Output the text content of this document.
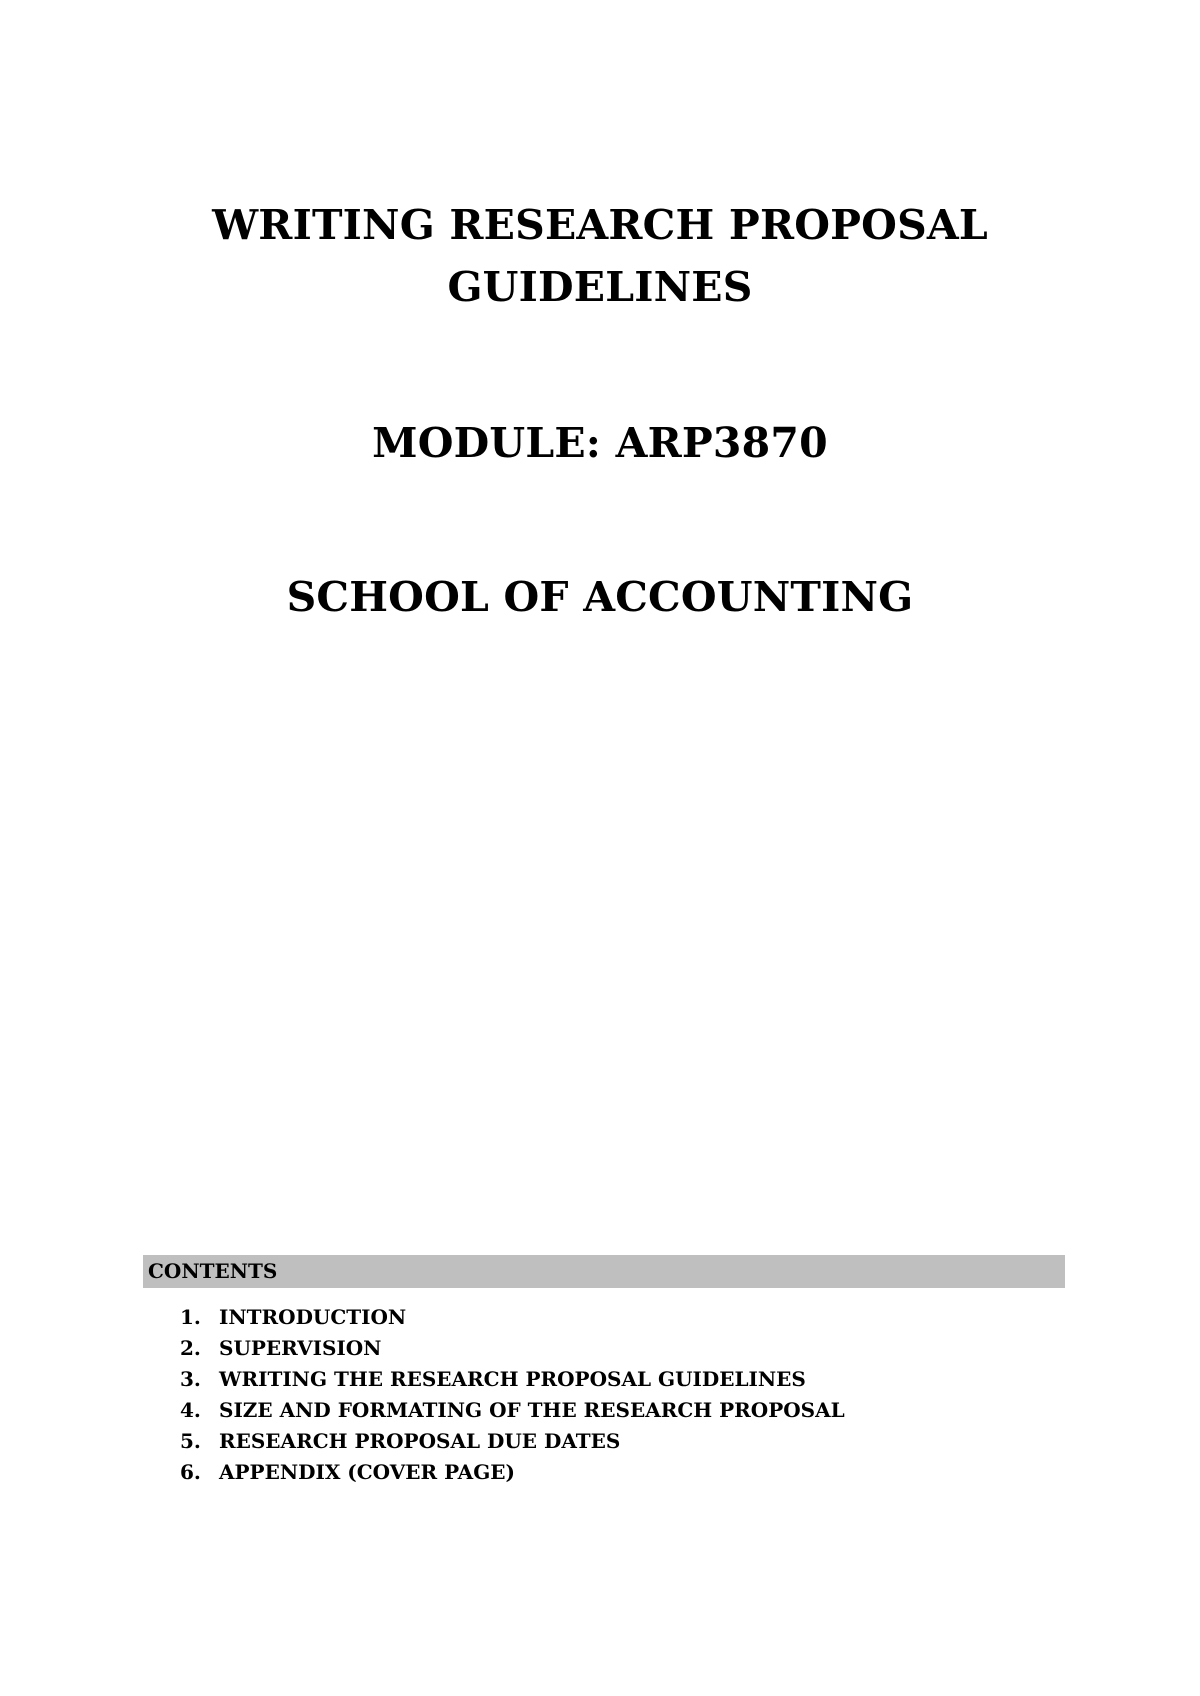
WRITING RESEARCH PROPOSAL
GUIDELINES
MODULE: ARP3870
SCHOOL OF ACCOUNTING

CONTENTS

1. INTRODUCTION
2. SUPERVISION
3. WRITING THE RESEARCH PROPOSAL GUIDELINES
4. SIZE AND FORMATING OF THE RESEARCH PROPOSAL
5. RESEARCH PROPOSAL DUE DATES
6. APPENDIX (COVER PAGE)
